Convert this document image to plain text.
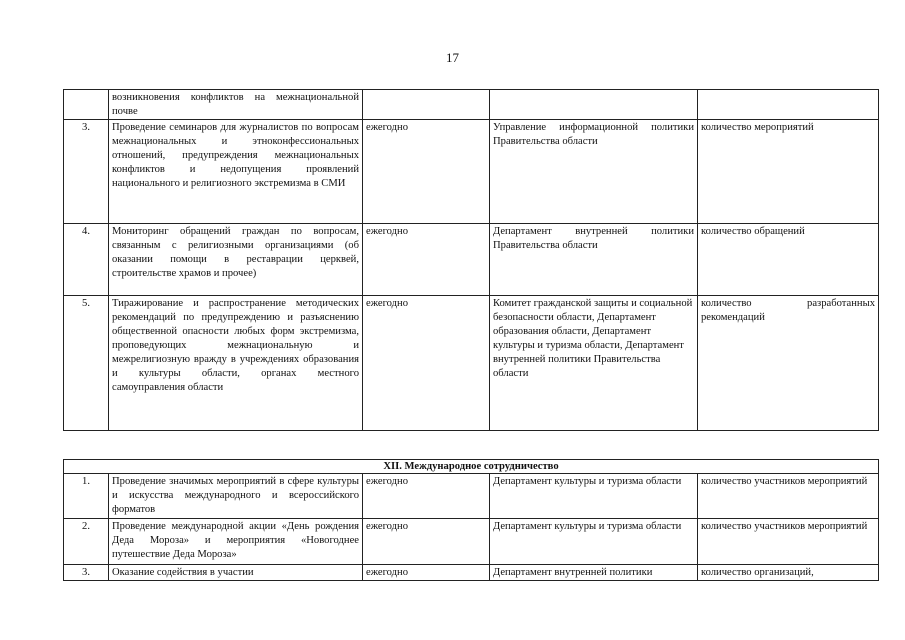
17
	возникновения конфликтов на межнациональной почве			
3.	Проведение семинаров для журналистов по вопросам межнациональных и этноконфессиональных отношений, предупреждения межнациональных конфликтов и недопущения проявлений национального и религиозного экстремизма в СМИ	ежегодно	Управление информационной политики Правительства области	количество мероприятий
4.	Мониторинг обращений граждан по вопросам, связанным с религиозными организациями (об оказании помощи в реставрации церквей, строительстве храмов и прочее)	ежегодно	Департамент внутренней политики Правительства области	количество обращений
5.	Тиражирование и распространение методических рекомендаций по предупреждению и разъяснению общественной опасности любых форм экстремизма, проповедующих межнациональную и межрелигиозную вражду в учреждениях образования и культуры области, органах местного самоуправления области	ежегодно	Комитет гражданской защиты и социальной безопасности области, Департамент образования области, Департамент культуры и туризма области, Департамент внутренней политики Правительства области	количество разработанных рекомендаций
XII. Международное сотрудничество				
1.	Проведение значимых мероприятий в сфере культуры и искусства международного и всероссийского форматов	ежегодно	Департамент культуры и туризма области	количество участников мероприятий
2.	Проведение международной акции «День рождения Деда Мороза» и мероприятия «Новогоднее путешествие Деда Мороза»	ежегодно	Департамент культуры и туризма области	количество участников мероприятий
3.	Оказание содействия в участии	ежегодно	Департамент внутренней политики	количество организаций,
